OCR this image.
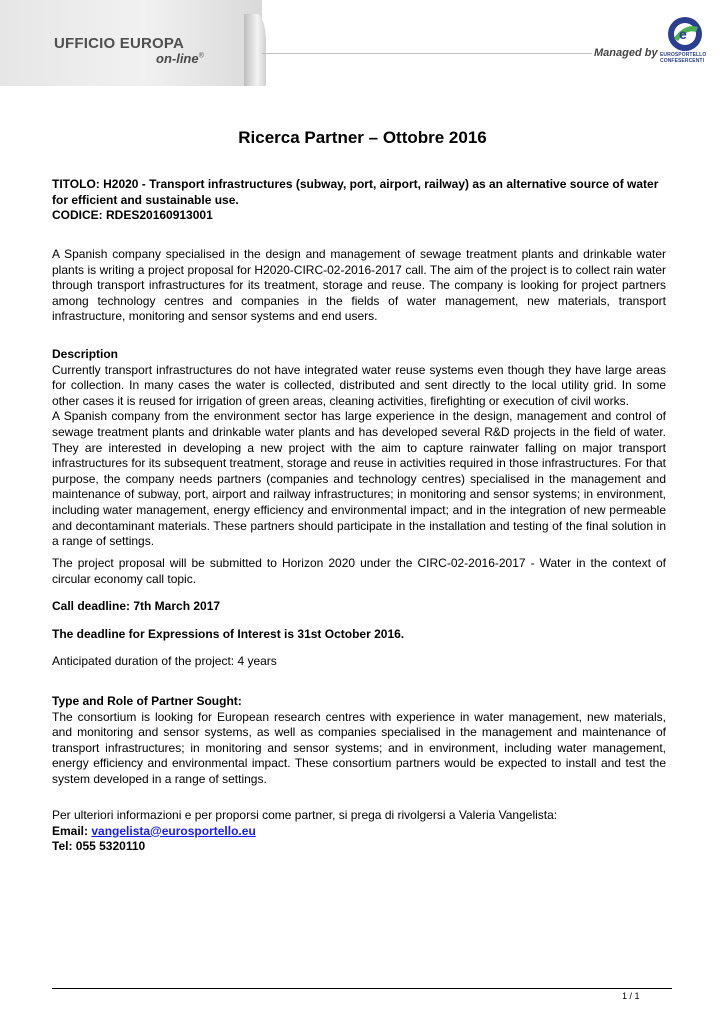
UFFICIO EUROPA
on-line®	Managed by
e
EUROSPORTELLO CONFESERCENTI
Ricerca Partner – Ottobre 2016

TITOLO: H2020 - Transport infrastructures (subway, port, airport, railway) as an alternative source of water for efficient and sustainable use.

CODICE: RDES20160913001

A Spanish company specialised in the design and management of sewage treatment plants and drinkable water plants is writing a project proposal for H2020-CIRC-02-2016-2017 call. The aim of the project is to collect rain water through transport infrastructures for its treatment, storage and reuse. The company is looking for project partners among technology centres and companies in the fields of water management, new materials, transport infrastructure, monitoring and sensor systems and end users.

Description

Currently transport infrastructures do not have integrated water reuse systems even though they have large areas for collection. In many cases the water is collected, distributed and sent directly to the local utility grid. In some other cases it is reused for irrigation of green areas, cleaning activities, firefighting or execution of civil works.

A Spanish company from the environment sector has large experience in the design, management and control of sewage treatment plants and drinkable water plants and has developed several R&D projects in the field of water. They are interested in developing a new project with the aim to capture rainwater falling on major transport infrastructures for its subsequent treatment, storage and reuse in activities required in those infrastructures. For that purpose, the company needs partners (companies and technology centres) specialised in the management and maintenance of subway, port, airport and railway infrastructures; in monitoring and sensor systems; in environment, including water management, energy efficiency and environmental impact; and in the integration of new permeable and decontaminant materials. These partners should participate in the installation and testing of the final solution in a range of settings.

The project proposal will be submitted to Horizon 2020 under the CIRC-02-2016-2017 - Water in the context of circular economy call topic.
Call deadline: 7th March 2017
The deadline for Expressions of Interest is 31st October 2016.
Anticipated duration of the project: 4 years

Type and Role of Partner Sought:

The consortium is looking for European research centres with experience in water management, new materials, and monitoring and sensor systems, as well as companies specialised in the management and maintenance of transport infrastructures; in monitoring and sensor systems; and in environment, including water management, energy efficiency and environmental impact. These consortium partners would be expected to install and test the system developed in a range of settings.

Per ulteriori informazioni e per proporsi come partner, si prega di rivolgersi a Valeria Vangelista:

Email: vangelista@eurosportello.eu

Tel: 055 5320110

1 / 1
